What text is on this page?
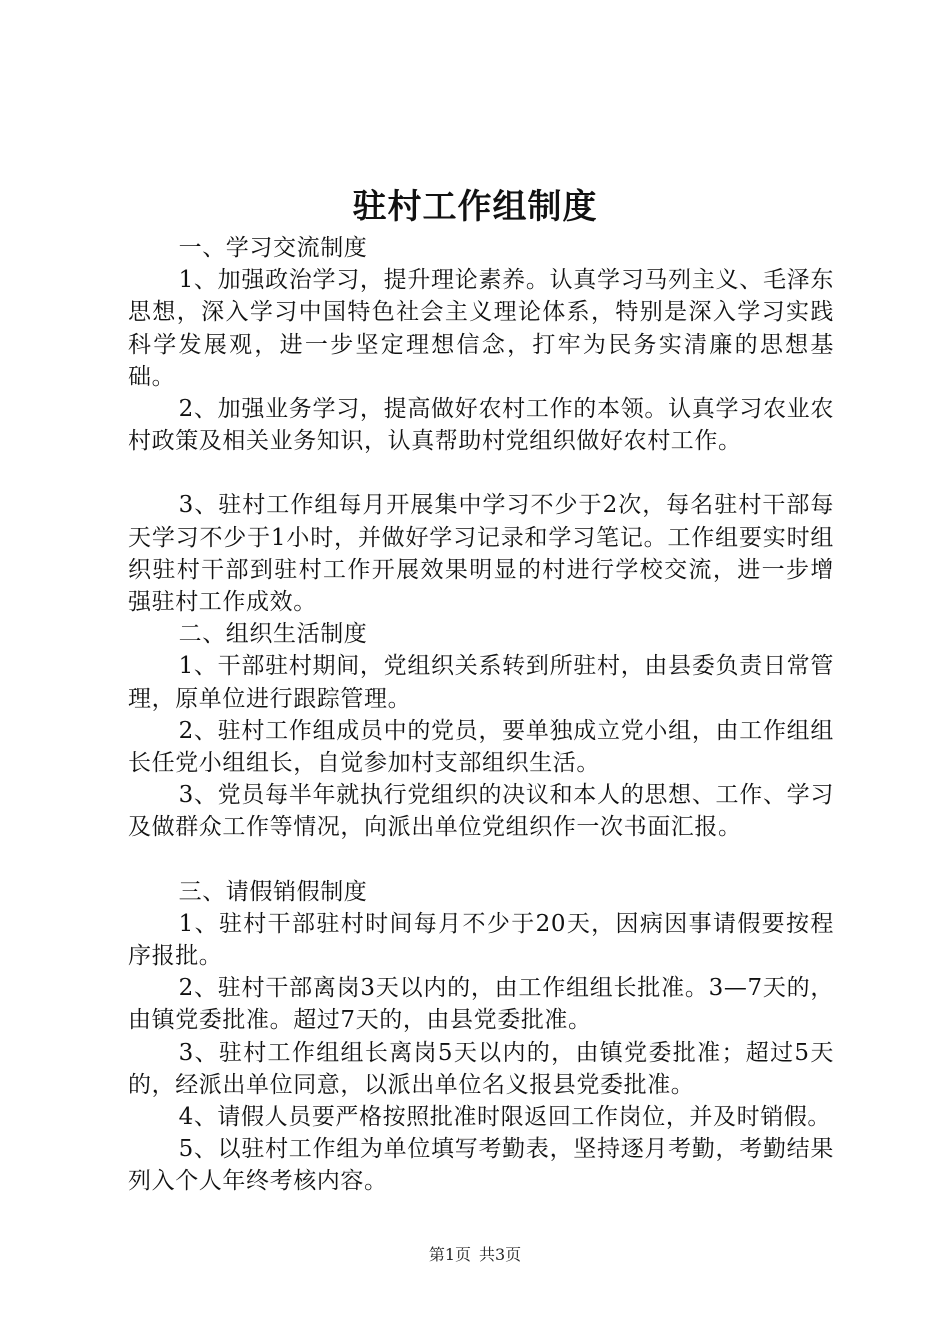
驻村工作组制度

一、学习交流制度

1、加强政治学习，提升理论素养。认真学习马列主义、毛泽东思想，深入学习中国特色社会主义理论体系，特别是深入学习实践科学发展观，进一步坚定理想信念，打牢为民务实清廉的思想基础。

2、加强业务学习，提高做好农村工作的本领。认真学习农业农村政策及相关业务知识，认真帮助村党组织做好农村工作。

3、驻村工作组每月开展集中学习不少于2次，每名驻村干部每天学习不少于1小时，并做好学习记录和学习笔记。工作组要实时组织驻村干部到驻村工作开展效果明显的村进行学校交流，进一步增强驻村工作成效。

二、组织生活制度

1、干部驻村期间，党组织关系转到所驻村，由县委负责日常管理，原单位进行跟踪管理。

2、驻村工作组成员中的党员，要单独成立党小组，由工作组组长任党小组组长，自觉参加村支部组织生活。

3、党员每半年就执行党组织的决议和本人的思想、工作、学习及做群众工作等情况，向派出单位党组织作一次书面汇报。

三、请假销假制度

1、驻村干部驻村时间每月不少于20天，因病因事请假要按程序报批。

2、驻村干部离岗3天以内的，由工作组组长批准。3—7天的，由镇党委批准。超过7天的，由县党委批准。

3、驻村工作组组长离岗5天以内的，由镇党委批准；超过5天的，经派出单位同意，以派出单位名义报县党委批准。

4、请假人员要严格按照批准时限返回工作岗位，并及时销假。

5、以驻村工作组为单位填写考勤表，坚持逐月考勤，考勤结果列入个人年终考核内容。

第1页 共3页
